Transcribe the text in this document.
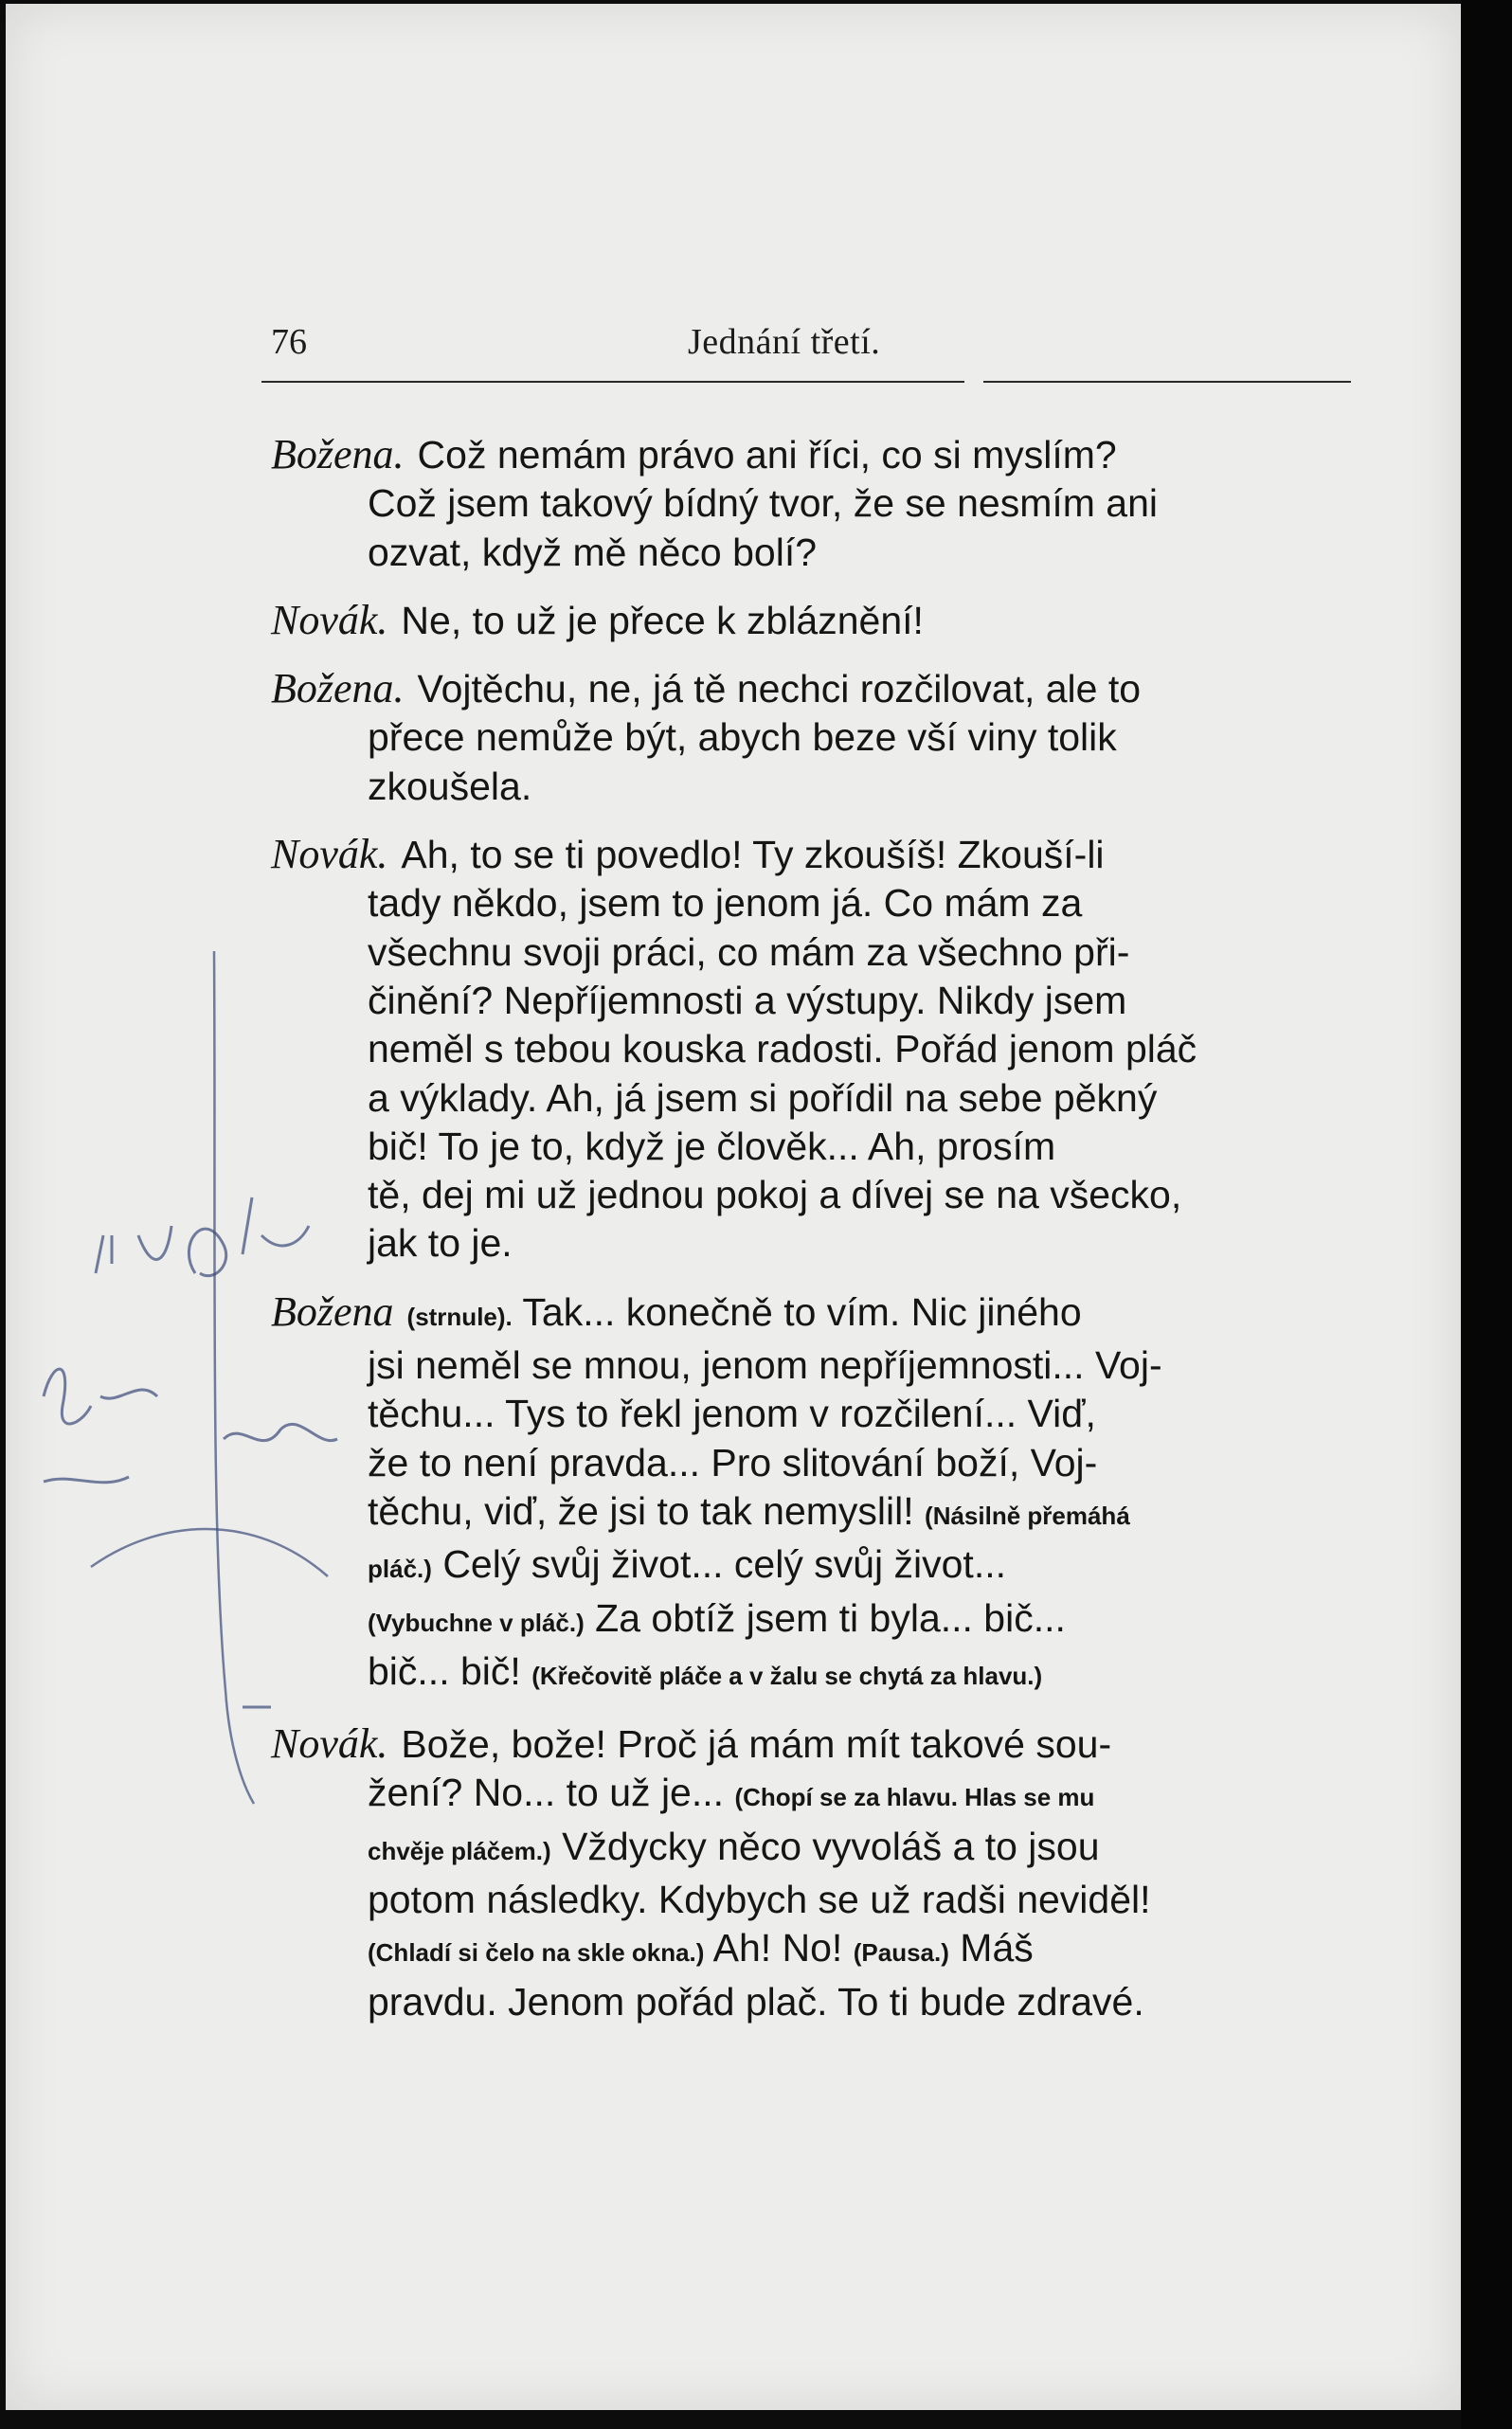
76	Jednání třetí.
Božena. Což nemám právo ani říci, co si myslím?
Což jsem takový bídný tvor, že se nesmím ani
ozvat, když mě něco bolí?
Novák. Ne, to už je přece k zbláznění!
Božena. Vojtěchu, ne, já tě nechci rozčilovat, ale to
přece nemůže být, abych beze vší viny tolik
zkoušela.
Novák. Ah, to se ti povedlo! Ty zkoušíš! Zkouší-li
tady někdo, jsem to jenom já. Co mám za
všechnu svoji práci, co mám za všechno při-
činění? Nepříjemnosti a výstupy. Nikdy jsem
neměl s tebou kouska radosti. Pořád jenom pláč
a výklady. Ah, já jsem si pořídil na sebe pěkný
bič! To je to, když je člověk... Ah, prosím
tě, dej mi už jednou pokoj a dívej se na všecko,
jak to je.
Božena (strnule). Tak... konečně to vím. Nic jiného
jsi neměl se mnou, jenom nepříjemnosti... Voj-
těchu... Tys to řekl jenom v rozčilení... Viď,
že to není pravda... Pro slitování boží, Voj-
těchu, viď, že jsi to tak nemyslil! (Násilně přemáhá
pláč.) Celý svůj život... celý svůj život...
(Vybuchne v pláč.) Za obtíž jsem ti byla... bič...
bič... bič! (Křečovitě pláče a v žalu se chytá za hlavu.)
Novák. Bože, bože! Proč já mám mít takové sou-
žení? No... to už je... (Chopí se za hlavu. Hlas se mu
chvěje pláčem.) Vždycky něco vyvoláš a to jsou
potom následky. Kdybych se už radši neviděl!
(Chladí si čelo na skle okna.) Ah! No! (Pausa.) Máš
pravdu. Jenom pořád plač. To ti bude zdravé.
